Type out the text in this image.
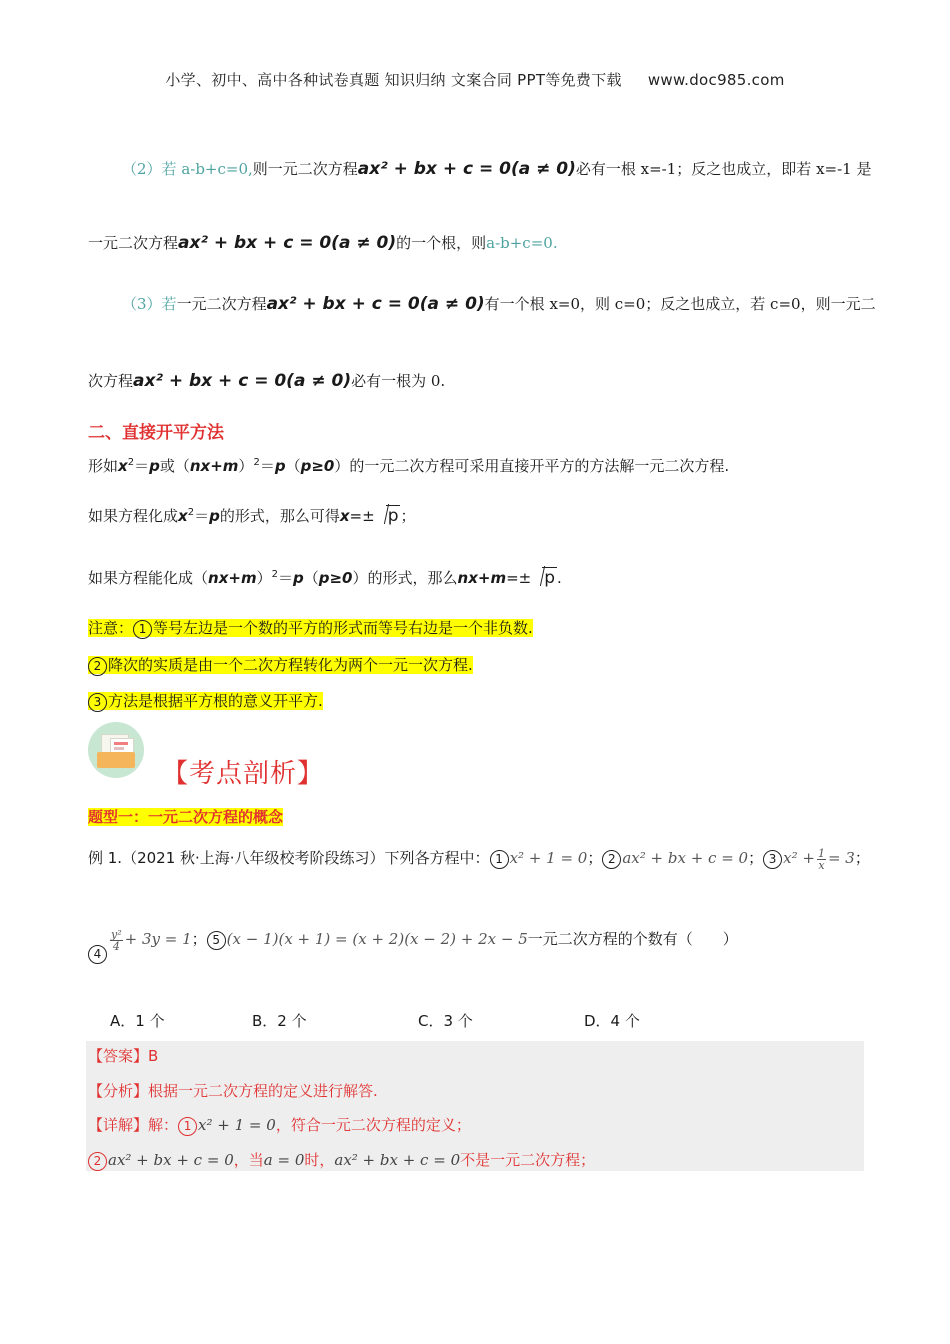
小学、初中、高中各种试卷真题 知识归纳 文案合同 PPT等免费下载 www.doc985.com
（2）若 a-b+c=0,则一元二次方程ax² + bx + c = 0(a ≠ 0)必有一根 x=-1；反之也成立，即若 x=-1 是
一元二次方程ax² + bx + c = 0(a ≠ 0)的一个根，则a-b+c=0.
（3）若一元二次方程ax² + bx + c = 0(a ≠ 0)有一个根 x=0，则 c=0；反之也成立，若 c=0，则一元二
次方程ax² + bx + c = 0(a ≠ 0)必有一根为 0.
二、直接开平方法
形如$x^2=p$或$(nx+m)^2=p(p\ge 0)$的一元二次方程可采用直接开平方的方法解一元二次方程.
如果方程化成$x^2=p$的形式，那么可得x=± p ；
如果方程能化成$(nx+m)^2=p(p\ge 0)$的形式，那么nx+m=± p .
注意： 1 等号左边是一个数的平方的形式而等号右边是一个非负数.
2 降次的实质是由一个二次方程转化为两个一元一次方程.
3 方法是根据平方根的意义开平方.
【考点剖析】
题型一：一元二次方程的概念
例 1.（2021 秋·上海·八年级校考阶段练习）下列各方程中： 1 x² + 1 = 0； 2 ax² + bx + c = 0； 3 $x^2 + \frac{1}{x} = 3$；
4
$\frac{\text{y²}}{4} + 3y = 1$； 5 (x − 1)(x + 1) = (x + 2)(x − 2) + 2x − 5一元二次方程的个数有（　　）
A．1 个	B．2 个	C．3 个	D．4 个
【答案】B
【分析】根据一元二次方程的定义进行解答.
【详解】解： 1 x² + 1 = 0，符合一元二次方程的定义；
2 ax² + bx + c = 0，当a = 0时，ax² + bx + c = 0不是一元二次方程；
